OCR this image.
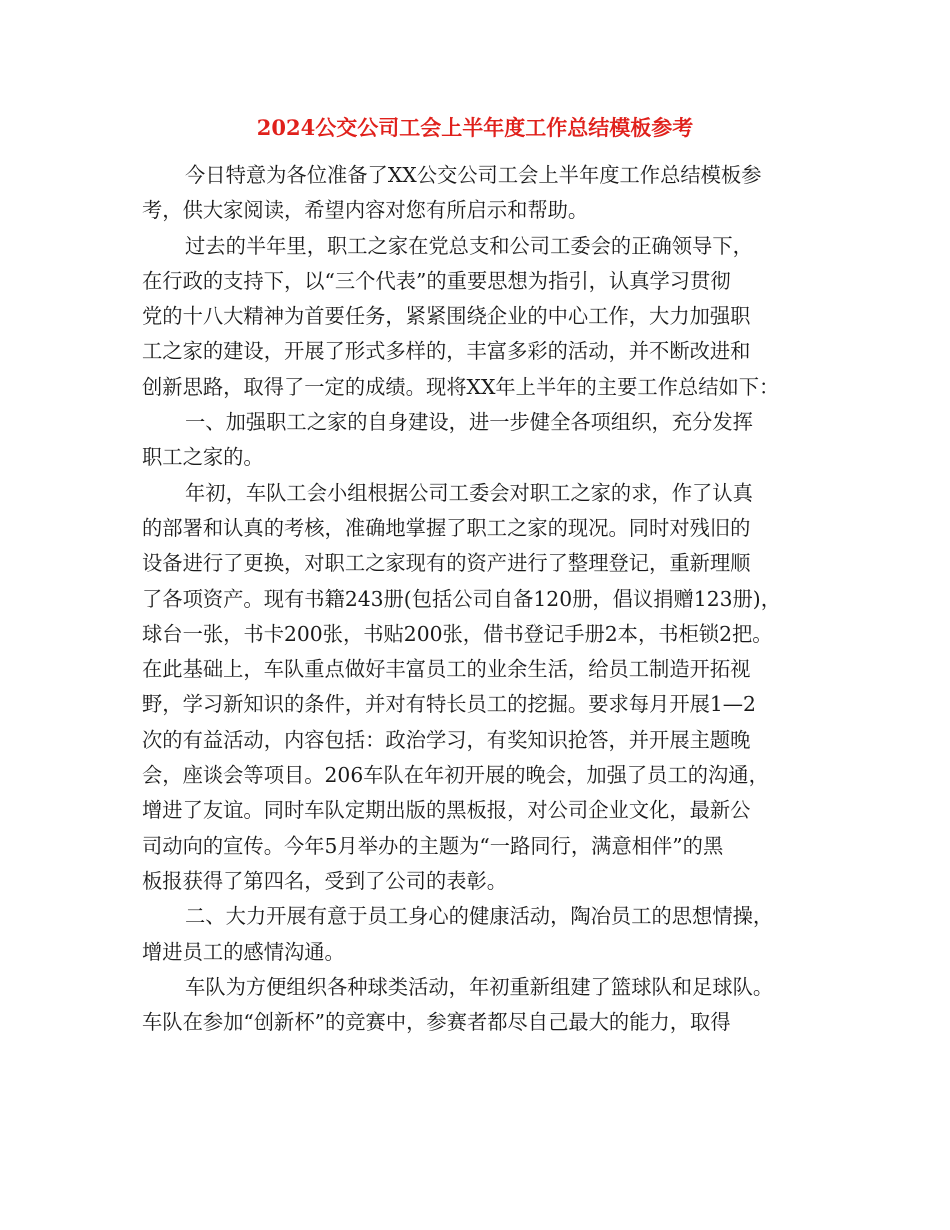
2024公交公司工会上半年度工作总结模板参考
今日特意为各位准备了XX公交公司工会上半年度工作总结模板参
考，供大家阅读，希望内容对您有所启示和帮助。
过去的半年里，职工之家在党总支和公司工委会的正确领导下，
在行政的支持下，以“三个代表”的重要思想为指引，认真学习贯彻
党的十八大精神为首要任务，紧紧围绕企业的中心工作，大力加强职
工之家的建设，开展了形式多样的，丰富多彩的活动，并不断改进和
创新思路，取得了一定的成绩。现将XX年上半年的主要工作总结如下：
一、加强职工之家的自身建设，进一步健全各项组织，充分发挥
职工之家的。
年初，车队工会小组根据公司工委会对职工之家的求，作了认真
的部署和认真的考核，准确地掌握了职工之家的现况。同时对残旧的
设备进行了更换，对职工之家现有的资产进行了整理登记，重新理顺
了各项资产。现有书籍243册(包括公司自备120册，倡议捐赠123册)，
球台一张，书卡200张，书贴200张，借书登记手册2本，书柜锁2把。
在此基础上，车队重点做好丰富员工的业余生活，给员工制造开拓视
野，学习新知识的条件，并对有特长员工的挖掘。要求每月开展1—2
次的有益活动，内容包括：政治学习，有奖知识抢答，并开展主题晚
会，座谈会等项目。206车队在年初开展的晚会，加强了员工的沟通，
增进了友谊。同时车队定期出版的黑板报，对公司企业文化，最新公
司动向的宣传。今年5月举办的主题为“一路同行，满意相伴”的黑
板报获得了第四名，受到了公司的表彰。
二、大力开展有意于员工身心的健康活动，陶冶员工的思想情操，
增进员工的感情沟通。
车队为方便组织各种球类活动，年初重新组建了篮球队和足球队。
车队在参加“创新杯”的竞赛中，参赛者都尽自己最大的能力，取得
